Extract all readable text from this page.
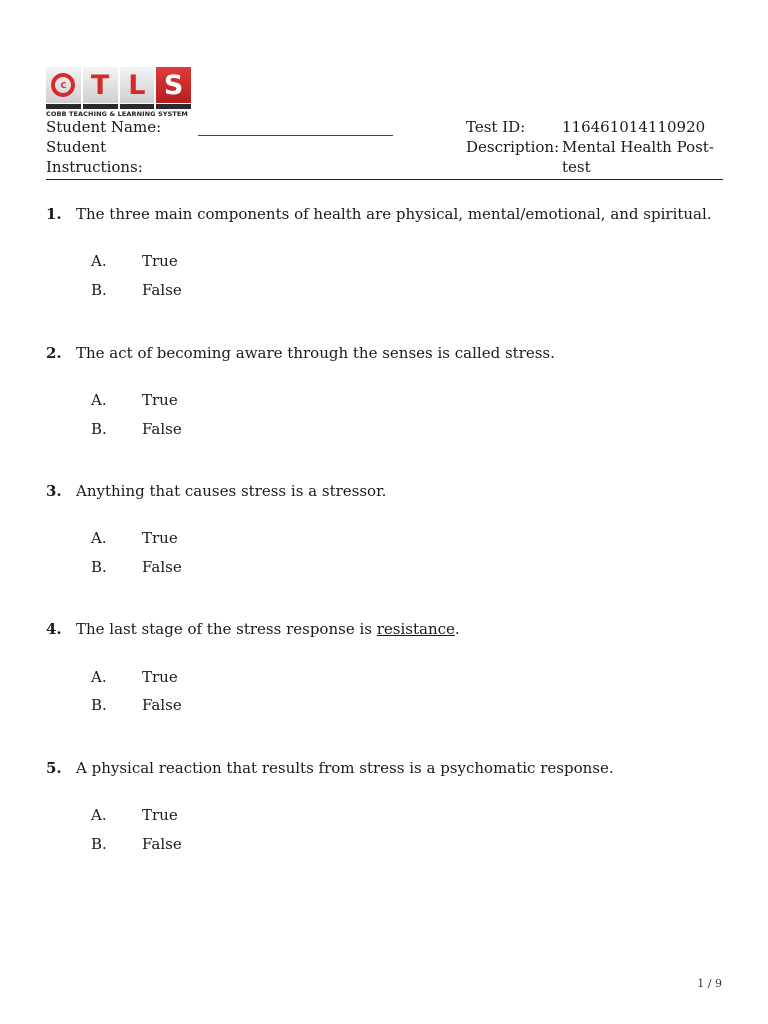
C T L S
COBB TEACHING & LEARNING SYSTEM
Student Name:
Student
Instructions:
Test ID: 116461014110920
Description: Mental Health Post-test
1. The three main components of health are physical, mental/emotional, and spiritual.
A.	True
B.	False
2. The act of becoming aware through the senses is called stress.
A.	True
B.	False
3. Anything that causes stress is a stressor.
A.	True
B.	False
4. The last stage of the stress response is resistance.
A.	True
B.	False
5. A physical reaction that results from stress is a psychomatic response.
A.	True
B.	False
1 / 9
